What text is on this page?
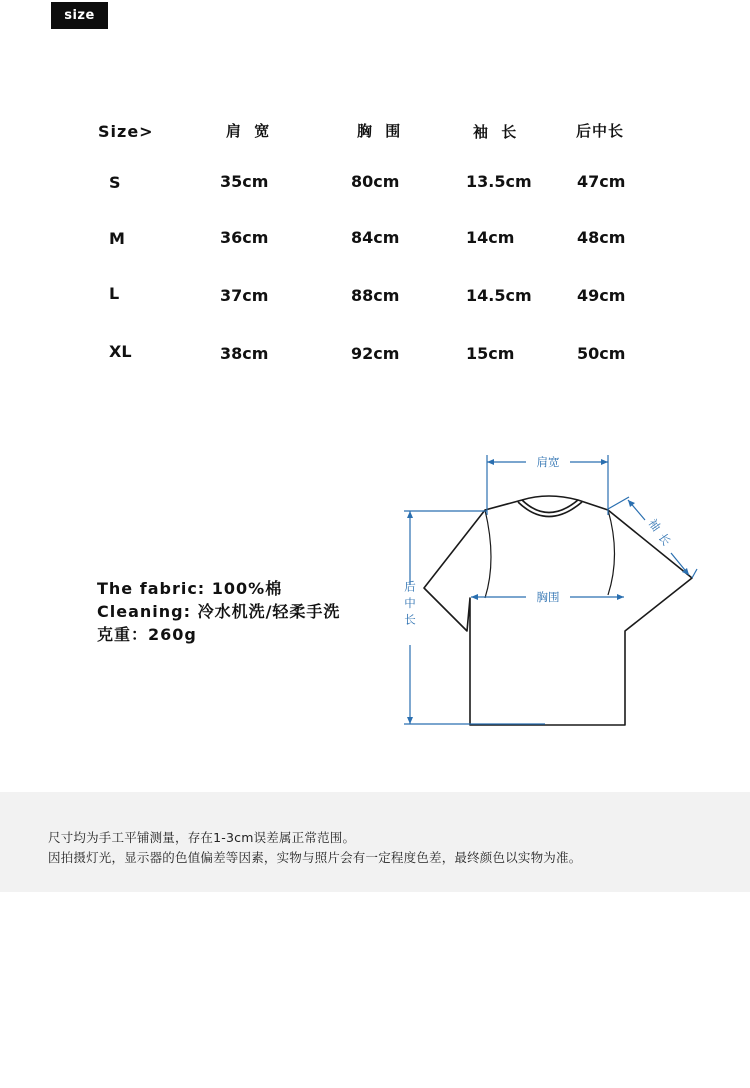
size
Size>	肩 宽	胸 围	袖 长	后中长
S	35cm	80cm	13.5cm	47cm
M	36cm	84cm	14cm	48cm
L	37cm	88cm	14.5cm	49cm
XL	38cm	92cm	15cm	50cm
The fabric: 100%棉
Cleaning: 冷水机洗/轻柔手洗
克重：260g
肩宽
胸围
后中长
袖长

尺寸均为手工平铺测量，存在1-3cm误差属正常范围。

因拍摄灯光，显示器的色值偏差等因素，实物与照片会有一定程度色差，最终颜色以实物为准。
